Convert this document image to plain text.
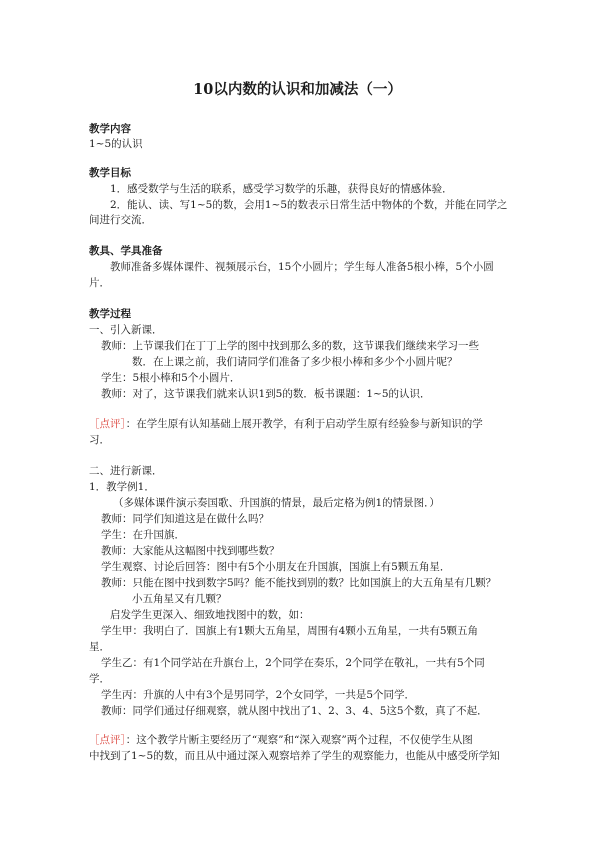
10以内数的认识和加减法（一）
教学内容
1~5的认识
教学目标
1．感受数学与生活的联系，感受学习数学的乐趣，获得良好的情感体验．
2．能认、读、写1~5的数，会用1~5的数表示日常生活中物体的个数，并能在同学之
间进行交流．
教具、学具准备
教师准备多媒体课件、视频展示台，15个小圆片；学生每人准备5根小棒，5个小圆
片．
教学过程
一、引入新课．
教师：上节课我们在丁丁上学的图中找到那么多的数，这节课我们继续来学习一些
数．在上课之前，我们请同学们准备了多少根小棒和多少个小圆片呢？
学生：5根小棒和5个小圆片．
教师：对了，这节课我们就来认识1到5的数．板书课题：1~5的认识．
［点评］：在学生原有认知基础上展开教学，有利于启动学生原有经验参与新知识的学
习．
二、进行新课．
1．教学例1．
（多媒体课件演示奏国歌、升国旗的情景，最后定格为例1的情景图．）
教师：同学们知道这是在做什么吗？
学生：在升国旗．
教师：大家能从这幅图中找到哪些数？
学生观察、讨论后回答：图中有5个小朋友在升国旗，国旗上有5颗五角星．
教师：只能在图中找到数字5吗？能不能找到别的数？比如国旗上的大五角星有几颗？
小五角星又有几颗？
启发学生更深入、细致地找图中的数，如：
学生甲：我明白了．国旗上有1颗大五角星，周围有4颗小五角星，一共有5颗五角
星．
学生乙：有1个同学站在升旗台上，2个同学在奏乐，2个同学在敬礼，一共有5个同
学．
学生丙：升旗的人中有3个是男同学，2个女同学，一共是5个同学．
教师：同学们通过仔细观察，就从图中找出了1、2、3、4、5这5个数，真了不起．
［点评］：这个教学片断主要经历了“观察”和“深入观察”两个过程，不仅使学生从图
中找到了1~5的数，而且从中通过深入观察培养了学生的观察能力，也能从中感受所学知
